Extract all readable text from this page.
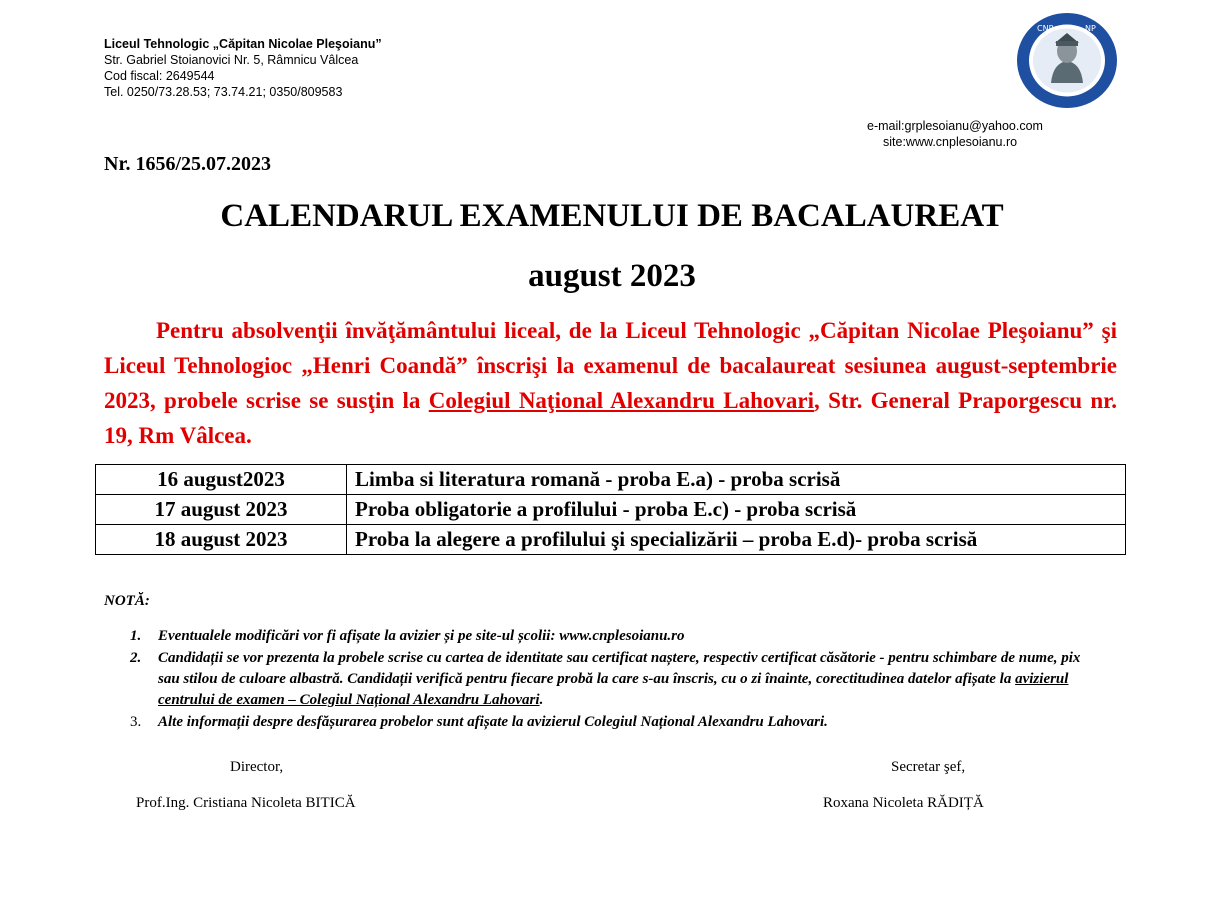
Liceul Tehnologic „Căpitan Nicolae Pleşoianu”
Str. Gabriel Stoianovici Nr. 5, Râmnicu Vâlcea
Cod fiscal: 2649544
Tel. 0250/73.28.53; 73.74.21; 0350/809583
CNP	NP
e-mail:grplesoianu@yahoo.com
site:www.cnplesoianu.ro
Nr. 1656/25.07.2023
CALENDARUL EXAMENULUI DE BACALAUREAT
august 2023
Pentru absolvenţii învăţământului liceal, de la Liceul Tehnologic „Căpitan Nicolae Pleşoianu” şi Liceul Tehnologioc „Henri Coandă” înscrişi la examenul de bacalaureat sesiunea august-septembrie 2023, probele scrise se susţin la Colegiul Naţional Alexandru Lahovari, Str. General Praporgescu nr. 19, Rm Vâlcea.
16 august2023	Limba si literatura romană - proba E.a) - proba scrisă
17 august 2023	Proba obligatorie a profilului - proba E.c) - proba scrisă
18 august 2023	Proba la alegere a profilului şi specializării – proba E.d)- proba scrisă
NOTĂ:
1. Eventualele modificări vor fi afișate la avizier și pe site-ul școlii: www.cnplesoianu.ro
2. Candidații se vor prezenta la probele scrise cu cartea de identitate sau certificat naștere, respectiv certificat căsătorie - pentru schimbare de nume, pix sau stilou de culoare albastră. Candidații verifică pentru fiecare probă la care s-au înscris, cu o zi înainte, corectitudinea datelor afișate la avizierul centrului de examen – Colegiul Național Alexandru Lahovari.
3. Alte informații despre desfășurarea probelor sunt afișate la avizierul Colegiul Național Alexandru Lahovari.
Director,
Prof.Ing. Cristiana Nicoleta BITICĂ
Secretar şef,
Roxana Nicoleta RĂDIȚĂ
